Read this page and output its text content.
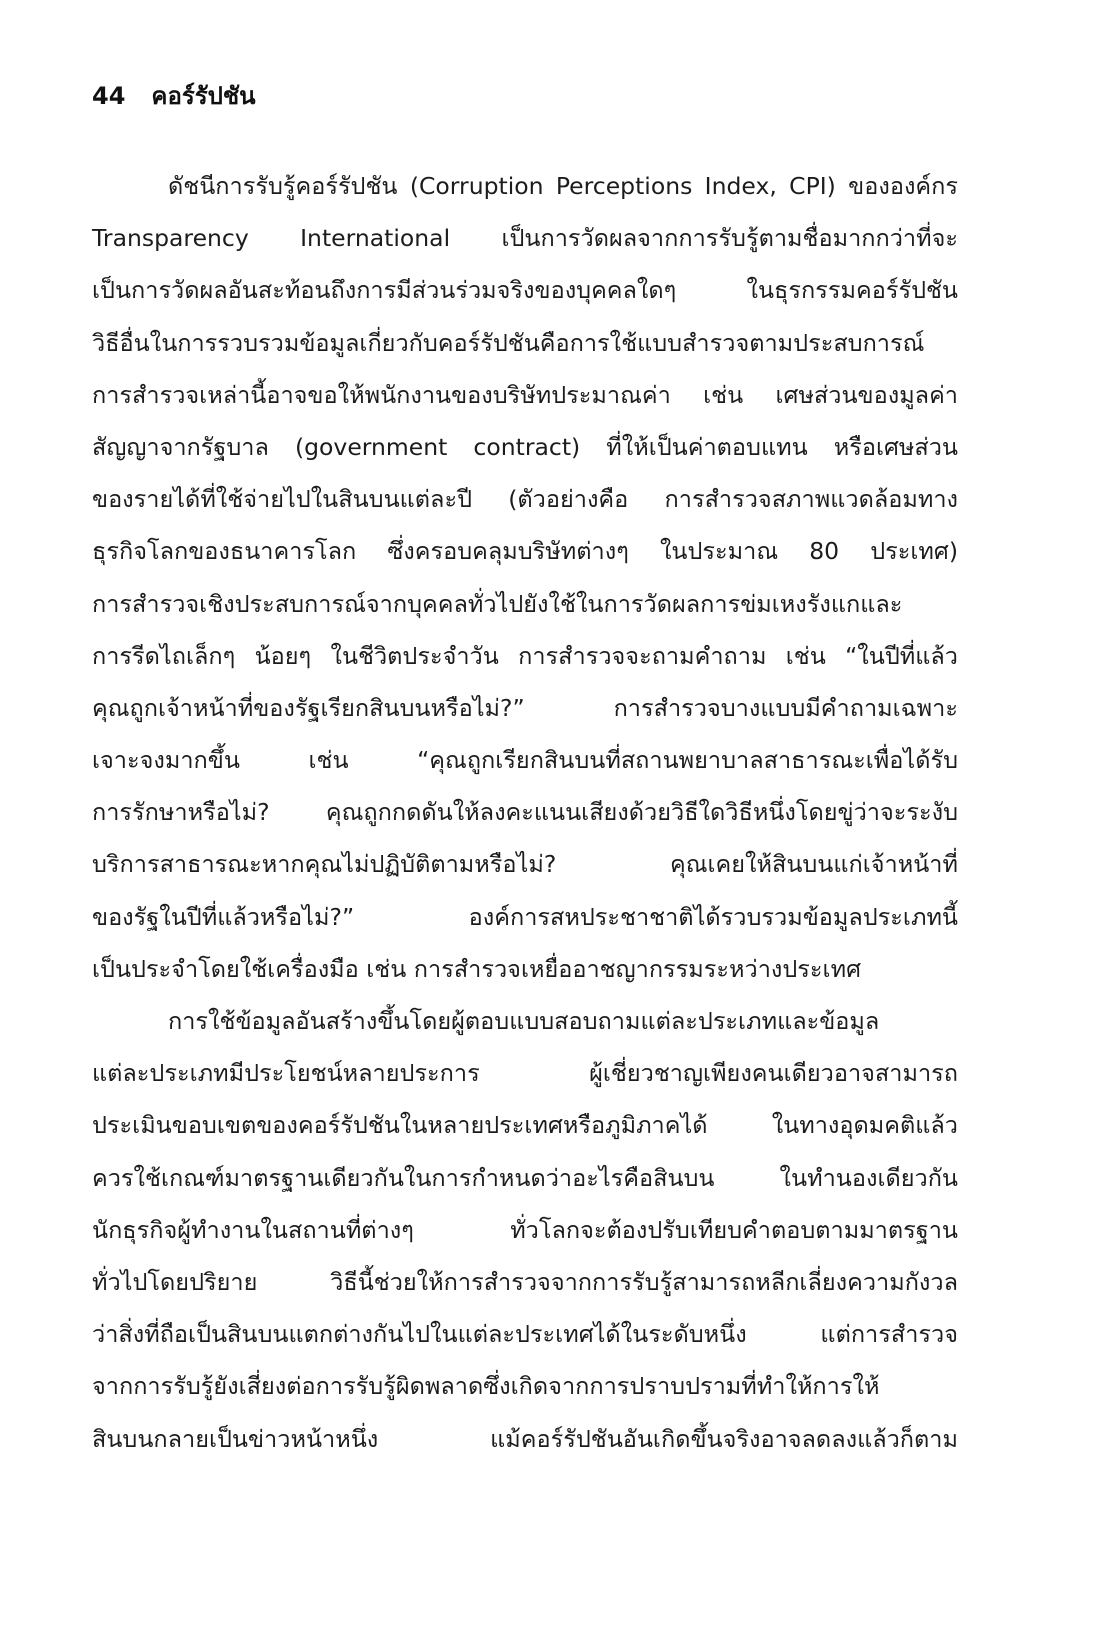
44 คอร์รัปชัน
ดัชนีการรับรู้คอร์รัปชัน (Corruption Perceptions Index, CPI) ขององค์กร
Transparency International เป็นการวัดผลจากการรับรู้ตามชื่อมากกว่าที่จะ
เป็นการวัดผลอันสะท้อนถึงการมีส่วนร่วมจริงของบุคคลใดๆ ในธุรกรรมคอร์รัปชัน
วิธีอื่นในการรวบรวมข้อมูลเกี่ยวกับคอร์รัปชันคือการใช้แบบสำรวจตามประสบการณ์
การสำรวจเหล่านี้อาจขอให้พนักงานของบริษัทประมาณค่า เช่น เศษส่วนของมูลค่า
สัญญาจากรัฐบาล (government contract) ที่ให้เป็นค่าตอบแทน หรือเศษส่วน
ของรายได้ที่ใช้จ่ายไปในสินบนแต่ละปี (ตัวอย่างคือ การสำรวจสภาพแวดล้อมทาง
ธุรกิจโลกของธนาคารโลก ซึ่งครอบคลุมบริษัทต่างๆ ในประมาณ 80 ประเทศ)
การสำรวจเชิงประสบการณ์จากบุคคลทั่วไปยังใช้ในการวัดผลการข่มเหงรังแกและ
การรีดไถเล็กๆ น้อยๆ ในชีวิตประจำวัน การสำรวจจะถามคำถาม เช่น “ในปีที่แล้ว
คุณถูกเจ้าหน้าที่ของรัฐเรียกสินบนหรือไม่?” การสำรวจบางแบบมีคำถามเฉพาะ
เจาะจงมากขึ้น เช่น “คุณถูกเรียกสินบนที่สถานพยาบาลสาธารณะเพื่อได้รับ
การรักษาหรือไม่? คุณถูกกดดันให้ลงคะแนนเสียงด้วยวิธีใดวิธีหนึ่งโดยขู่ว่าจะระงับ
บริการสาธารณะหากคุณไม่ปฏิบัติตามหรือไม่? คุณเคยให้สินบนแก่เจ้าหน้าที่
ของรัฐในปีที่แล้วหรือไม่?” องค์การสหประชาชาติได้รวบรวมข้อมูลประเภทนี้
เป็นประจำโดยใช้เครื่องมือ เช่น การสำรวจเหยื่ออาชญากรรมระหว่างประเทศ
การใช้ข้อมูลอันสร้างขึ้นโดยผู้ตอบแบบสอบถามแต่ละประเภทและข้อมูล
แต่ละประเภทมีประโยชน์หลายประการ ผู้เชี่ยวชาญเพียงคนเดียวอาจสามารถ
ประเมินขอบเขตของคอร์รัปชันในหลายประเทศหรือภูมิภาคได้ ในทางอุดมคติแล้ว
ควรใช้เกณฑ์มาตรฐานเดียวกันในการกำหนดว่าอะไรคือสินบน ในทำนองเดียวกัน
นักธุรกิจผู้ทำงานในสถานที่ต่างๆ ทั่วโลกจะต้องปรับเทียบคำตอบตามมาตรฐาน
ทั่วไปโดยปริยาย วิธีนี้ช่วยให้การสำรวจจากการรับรู้สามารถหลีกเลี่ยงความกังวล
ว่าสิ่งที่ถือเป็นสินบนแตกต่างกันไปในแต่ละประเทศได้ในระดับหนึ่ง แต่การสำรวจ
จากการรับรู้ยังเสี่ยงต่อการรับรู้ผิดพลาดซึ่งเกิดจากการปราบปรามที่ทำให้การให้
สินบนกลายเป็นข่าวหน้าหนึ่ง แม้คอร์รัปชันอันเกิดขึ้นจริงอาจลดลงแล้วก็ตาม
